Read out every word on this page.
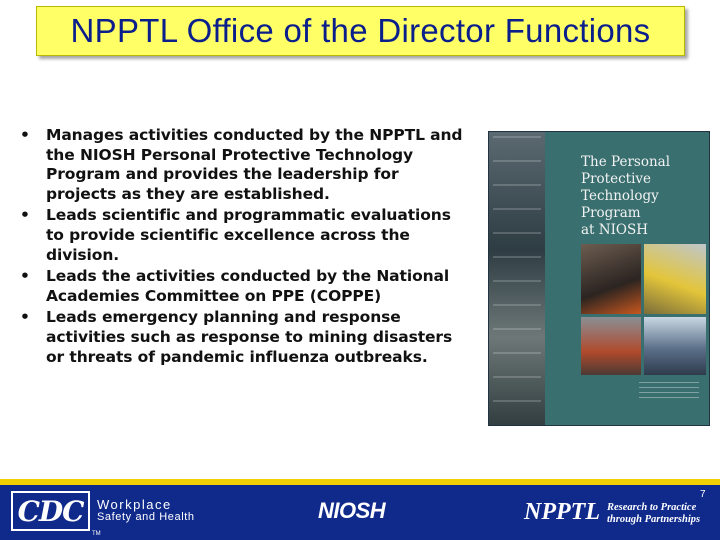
NPPTL Office of the Director Functions
• Manages activities conducted by the NPPTL and the NIOSH Personal Protective Technology Program and provides the leadership for projects as they are established.
• Leads scientific and programmatic evaluations to provide scientific excellence across the division.
• Leads the activities conducted by the National Academies Committee on PPE (COPPE)
• Leads emergency planning and response activities such as response to mining disasters or threats of pandemic influenza outbreaks.
The Personal
Protective
Technology
Program
at NIOSH
7
CDC
TM
Workplace
Safety and Health	NIOSH	NPPTL Research to Practice
through Partnerships
